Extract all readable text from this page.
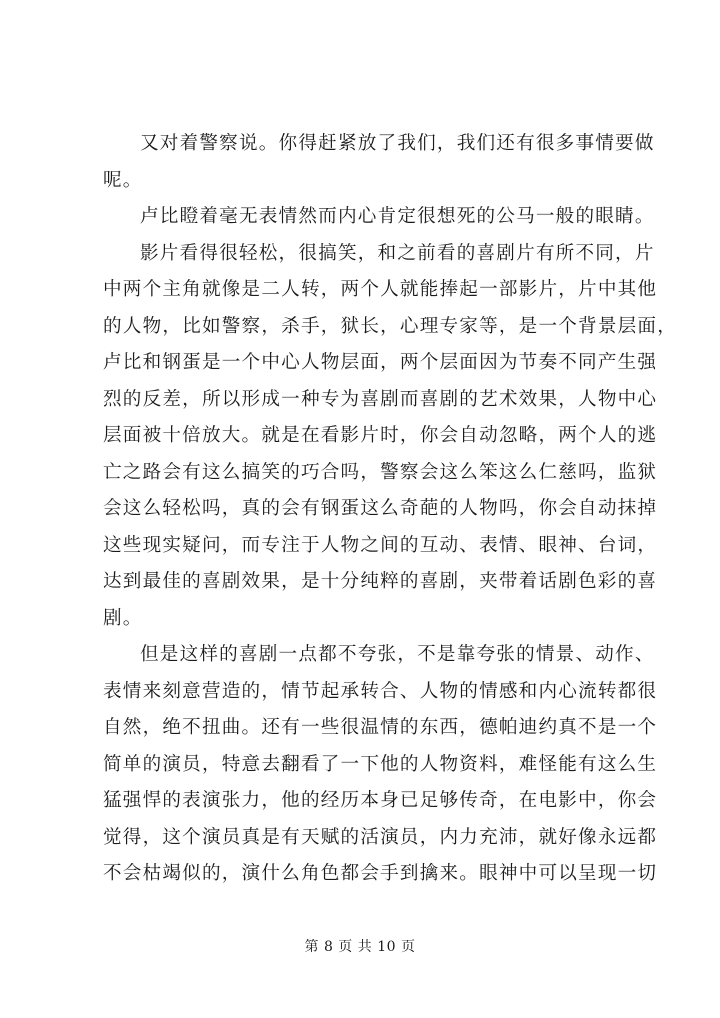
又对着警察说。你得赶紧放了我们，我们还有很多事情要做
呢。

卢比瞪着毫无表情然而内心肯定很想死的公马一般的眼睛。

影片看得很轻松，很搞笑，和之前看的喜剧片有所不同，片
中两个主角就像是二人转，两个人就能捧起一部影片，片中其他
的人物，比如警察，杀手，狱长，心理专家等，是一个背景层面，
卢比和钢蛋是一个中心人物层面，两个层面因为节奏不同产生强
烈的反差，所以形成一种专为喜剧而喜剧的艺术效果，人物中心
层面被十倍放大。就是在看影片时，你会自动忽略，两个人的逃
亡之路会有这么搞笑的巧合吗，警察会这么笨这么仁慈吗，监狱
会这么轻松吗，真的会有钢蛋这么奇葩的人物吗，你会自动抹掉
这些现实疑问，而专注于人物之间的互动、表情、眼神、台词，
达到最佳的喜剧效果，是十分纯粹的喜剧，夹带着话剧色彩的喜
剧。

但是这样的喜剧一点都不夸张，不是靠夸张的情景、动作、
表情来刻意营造的，情节起承转合、人物的情感和内心流转都很
自然，绝不扭曲。还有一些很温情的东西，德帕迪约真不是一个
简单的演员，特意去翻看了一下他的人物资料，难怪能有这么生
猛强悍的表演张力，他的经历本身已足够传奇，在电影中，你会
觉得，这个演员真是有天赋的活演员，内力充沛，就好像永远都
不会枯竭似的，演什么角色都会手到擒来。眼神中可以呈现一切

第 8 页 共 10 页
